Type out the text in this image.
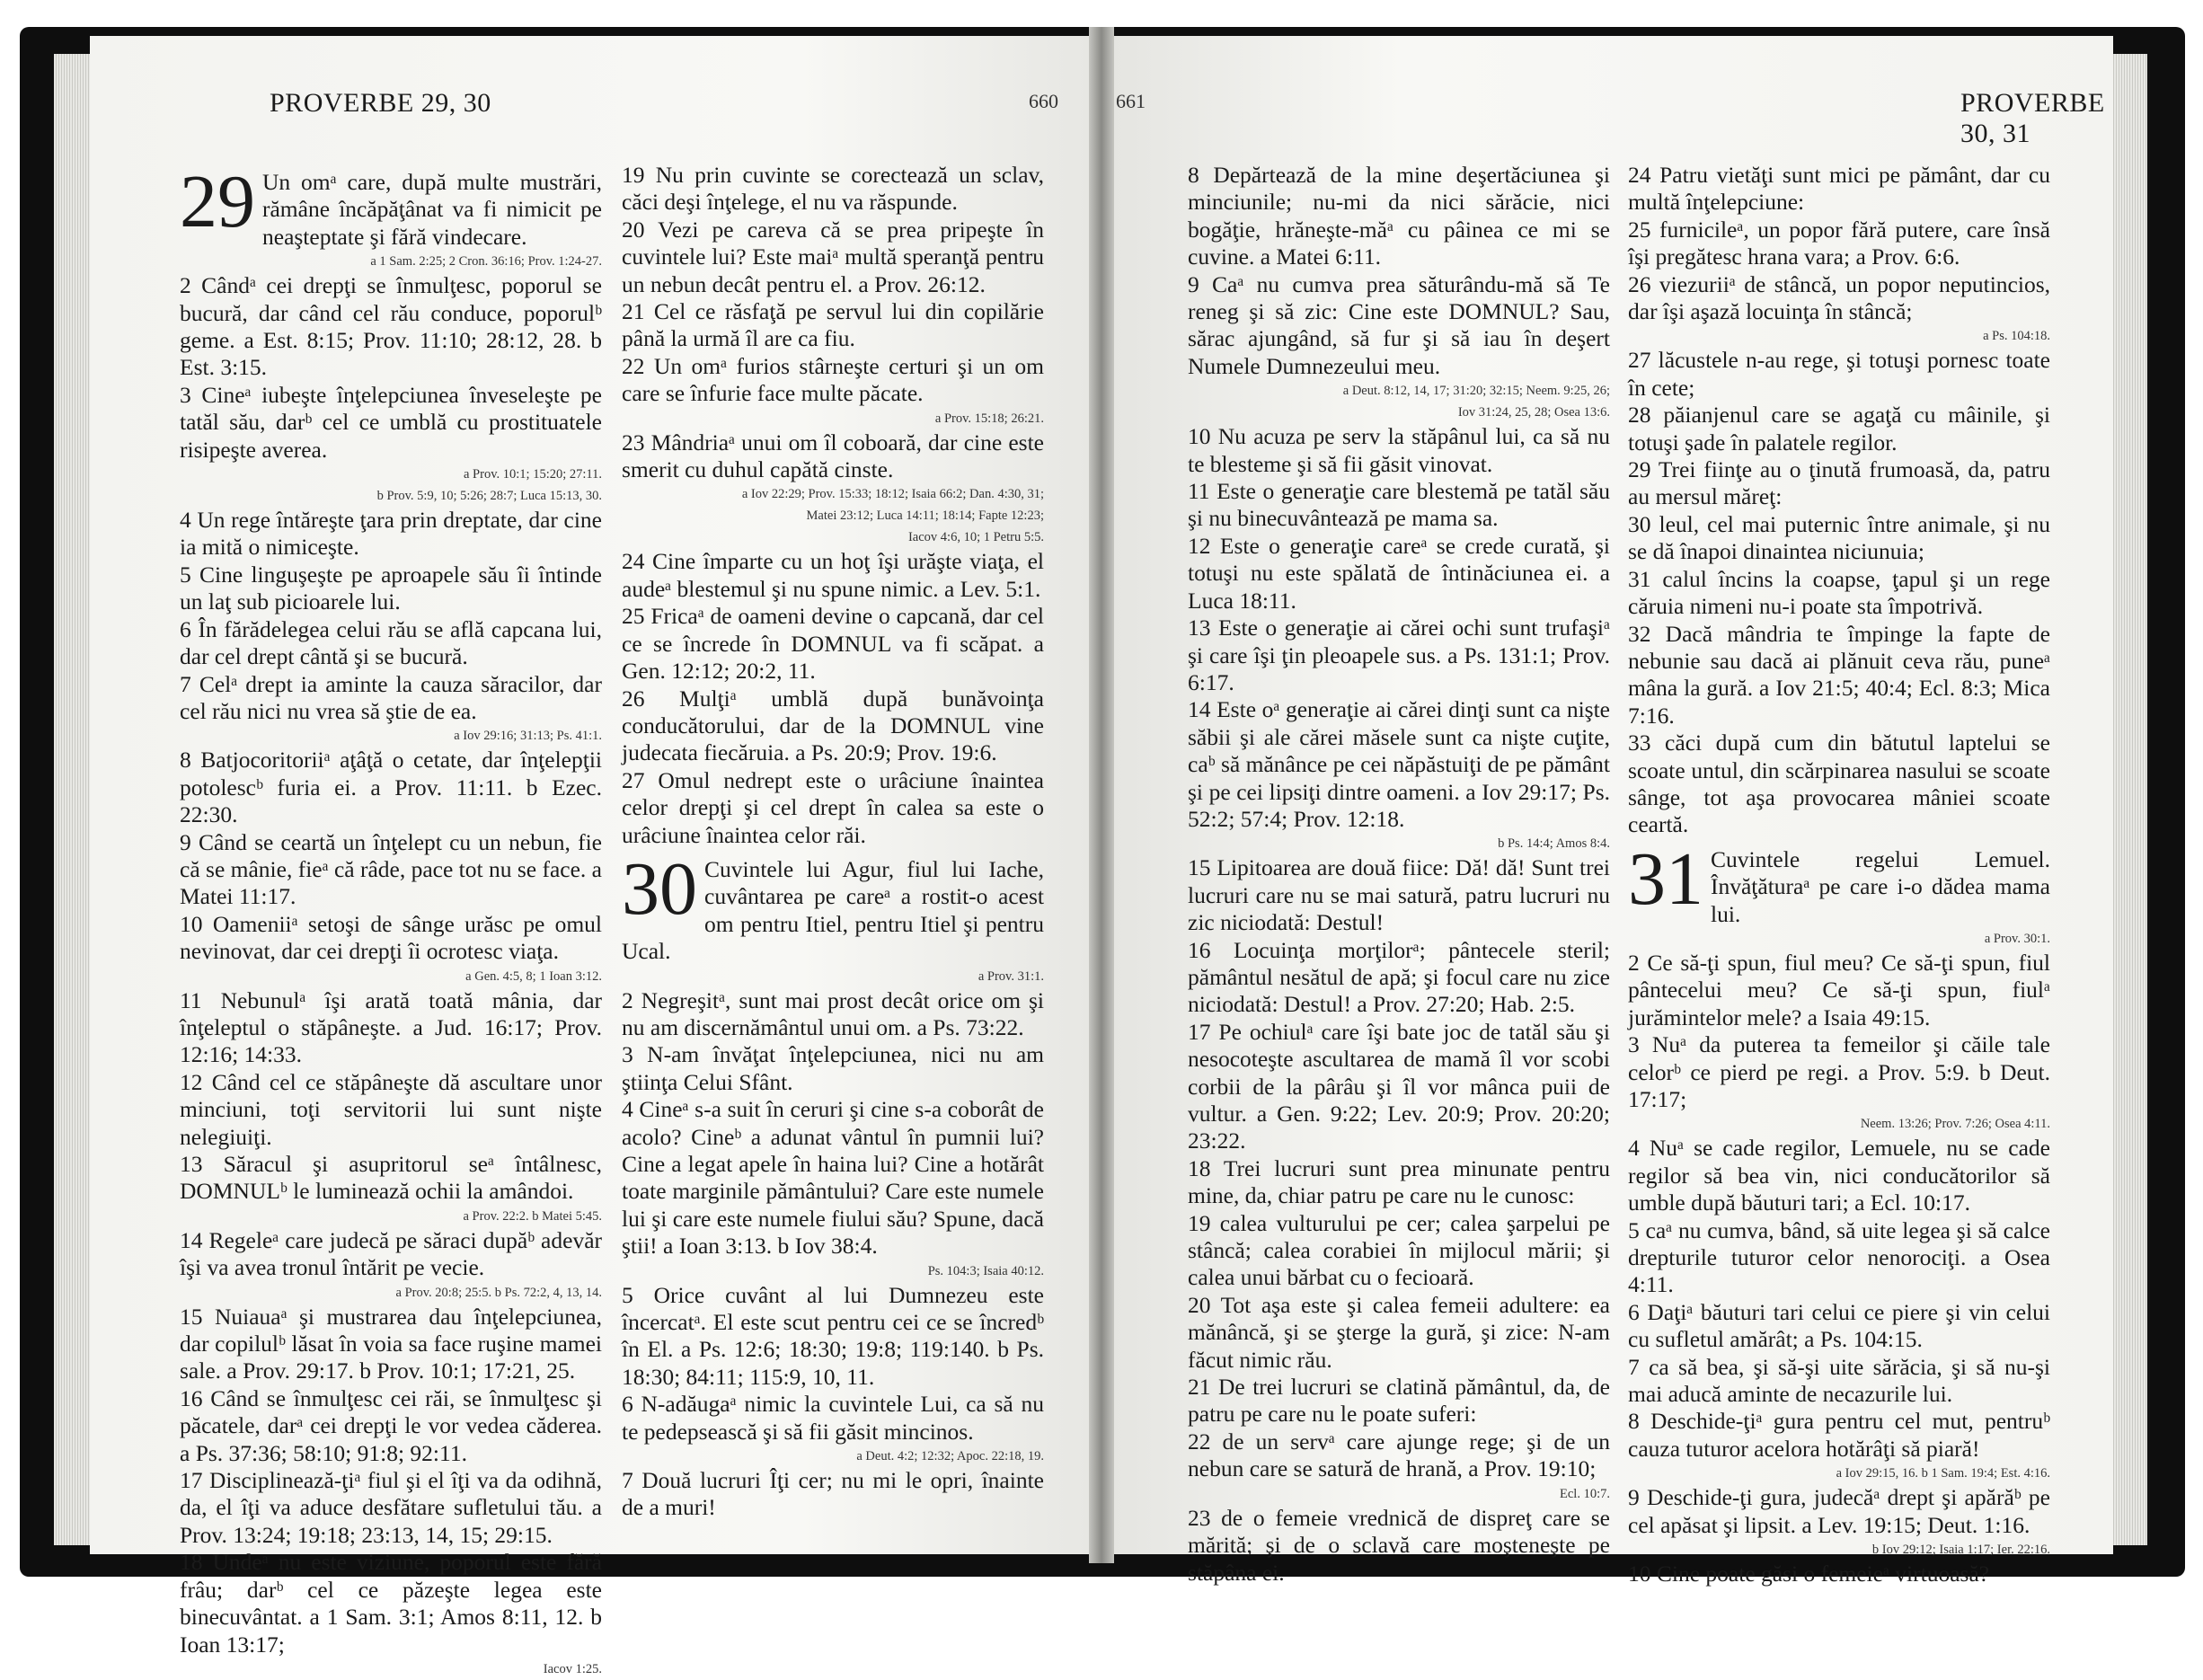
PROVERBE 29, 30	660

29 Un omᵃ care, după multe mustrări, rămâne încăpăţânat va fi nimicit pe neaşteptate şi fără vindecare.

a 1 Sam. 2:25; 2 Cron. 36:16; Prov. 1:24-27.
2 Cândᵃ cei drepţi se înmulţesc, poporul se bucură, dar când cel rău conduce, poporulᵇ geme. a Est. 8:15; Prov. 11:10; 28:12, 28. b Est. 3:15.
3 Cineᵃ iubeşte înţelepciunea înveseleşte pe tatăl său, darᵇ cel ce umblă cu prostituatele risipeşte averea.
a Prov. 10:1; 15:20; 27:11.
b Prov. 5:9, 10; 5:26; 28:7; Luca 15:13, 30.
4 Un rege întăreşte ţara prin dreptate, dar cine ia mită o nimiceşte.
5 Cine linguşeşte pe aproapele său îi întinde un laţ sub picioarele lui.
6 În fărădelegea celui rău se află capcana lui, dar cel drept cântă şi se bucură.
7 Celᵃ drept ia aminte la cauza săracilor, dar cel rău nici nu vrea să ştie de ea.
a Iov 29:16; 31:13; Ps. 41:1.
8 Batjocoritoriiᵃ aţâţă o cetate, dar înţelepţii potolescᵇ furia ei. a Prov. 11:11. b Ezec. 22:30.
9 Când se ceartă un înţelept cu un nebun, fie că se mânie, fieᵃ că râde, pace tot nu se face. a Matei 11:17.
10 Oameniiᵃ setoşi de sânge urăsc pe omul nevinovat, dar cei drepţi îi ocrotesc viaţa.
a Gen. 4:5, 8; 1 Ioan 3:12.
11 Nebunulᵃ îşi arată toată mânia, dar înţeleptul o stăpâneşte. a Jud. 16:17; Prov. 12:16; 14:33.
12 Când cel ce stăpâneşte dă ascultare unor minciuni, toţi servitorii lui sunt nişte nelegiuiţi.
13 Săracul şi asupritorul seᵃ întâlnesc, DOMNULᵇ le luminează ochii la amândoi.
a Prov. 22:2. b Matei 5:45.
14 Regeleᵃ care judecă pe săraci dupăᵇ adevăr îşi va avea tronul întărit pe vecie.
a Prov. 20:8; 25:5. b Ps. 72:2, 4, 13, 14.
15 Nuiauaᵃ şi mustrarea dau înţelepciunea, dar copilulᵇ lăsat în voia sa face ruşine mamei sale. a Prov. 29:17. b Prov. 10:1; 17:21, 25.
16 Când se înmulţesc cei răi, se înmulţesc şi păcatele, darᵃ cei drepţi le vor vedea căderea. a Ps. 37:36; 58:10; 91:8; 92:11.
17 Disciplinează-ţiᵃ fiul şi el îţi va da odihnă, da, el îţi va aduce desfătare sufletului tău. a Prov. 13:24; 19:18; 23:13, 14, 15; 29:15.
18 Undeᵃ nu este viziune, poporul este fără frâu; darᵇ cel ce păzeşte legea este binecuvântat. a 1 Sam. 3:1; Amos 8:11, 12. b Ioan 13:17;
Iacov 1:25.
19 Nu prin cuvinte se corectează un sclav, căci deşi înţelege, el nu va răspunde.
20 Vezi pe careva că se prea pripeşte în cuvintele lui? Este maiᵃ multă speranţă pentru un nebun decât pentru el. a Prov. 26:12.
21 Cel ce răsfaţă pe servul lui din copilărie până la urmă îl are ca fiu.
22 Un omᵃ furios stârneşte certuri şi un om care se înfurie face multe păcate.
a Prov. 15:18; 26:21.
23 Mândriaᵃ unui om îl coboară, dar cine este smerit cu duhul capătă cinste.
a Iov 22:29; Prov. 15:33; 18:12; Isaia 66:2; Dan. 4:30, 31;
Matei 23:12; Luca 14:11; 18:14; Fapte 12:23;
Iacov 4:6, 10; 1 Petru 5:5.
24 Cine împarte cu un hoţ îşi urăşte viaţa, el audeᵃ blestemul şi nu spune nimic. a Lev. 5:1.
25 Fricaᵃ de oameni devine o capcană, dar cel ce se încrede în DOMNUL va fi scăpat. a Gen. 12:12; 20:2, 11.
26 Mulţiᵃ umblă după bunăvoinţa conducătorului, dar de la DOMNUL vine judecata fiecăruia. a Ps. 20:9; Prov. 19:6.
27 Omul nedrept este o urâciune înaintea celor drepţi şi cel drept în calea sa este o urâciune înaintea celor răi.

30 Cuvintele lui Agur, fiul lui Iache, cuvântarea pe careᵃ a rostit-o acest om pentru Itiel, pentru Itiel şi pentru Ucal.

a Prov. 31:1.
2 Negreşitᵃ, sunt mai prost decât orice om şi nu am discernământul unui om. a Ps. 73:22.
3 N-am învăţat înţelepciunea, nici nu am ştiinţa Celui Sfânt.
4 Cineᵃ s-a suit în ceruri şi cine s-a coborât de acolo? Cineᵇ a adunat vântul în pumnii lui? Cine a legat apele în haina lui? Cine a hotărât toate marginile pământului? Care este numele lui şi care este numele fiului său? Spune, dacă ştii! a Ioan 3:13. b Iov 38:4.
Ps. 104:3; Isaia 40:12.
5 Orice cuvânt al lui Dumnezeu este încercatᵃ. El este scut pentru cei ce se încredᵇ în El. a Ps. 12:6; 18:30; 19:8; 119:140. b Ps. 18:30; 84:11; 115:9, 10, 11.
6 N-adăugaᵃ nimic la cuvintele Lui, ca să nu te pedepsească şi să fii găsit mincinos.
a Deut. 4:2; 12:32; Apoc. 22:18, 19.
7 Două lucruri Îţi cer; nu mi le opri, înainte de a muri!
661	PROVERBE 30, 31
8 Depărtează de la mine deşertăciunea şi minciunile; nu-mi da nici sărăcie, nici bogăţie, hrăneşte-măᵃ cu pâinea ce mi se cuvine. a Matei 6:11.
9 Caᵃ nu cumva prea săturându-mă să Te reneg şi să zic: Cine este DOMNUL? Sau, sărac ajungând, să fur şi să iau în deşert Numele Dumnezeului meu.
a Deut. 8:12, 14, 17; 31:20; 32:15; Neem. 9:25, 26;
Iov 31:24, 25, 28; Osea 13:6.
10 Nu acuza pe serv la stăpânul lui, ca să nu te blesteme şi să fii găsit vinovat.
11 Este o generaţie care blestemă pe tatăl său şi nu binecuvântează pe mama sa.
12 Este o generaţie careᵃ se crede curată, şi totuşi nu este spălată de întinăciunea ei. a Luca 18:11.
13 Este o generaţie ai cărei ochi sunt trufaşiᵃ şi care îşi ţin pleoapele sus. a Ps. 131:1; Prov. 6:17.
14 Este oᵃ generaţie ai cărei dinţi sunt ca nişte săbii şi ale cărei măsele sunt ca nişte cuţite, caᵇ să mănânce pe cei năpăstuiţi de pe pământ şi pe cei lipsiţi dintre oameni. a Iov 29:17; Ps. 52:2; 57:4; Prov. 12:18.
b Ps. 14:4; Amos 8:4.
15 Lipitoarea are două fiice: Dă! dă! Sunt trei lucruri care nu se mai satură, patru lucruri nu zic niciodată: Destul!
16 Locuinţa morţilorᵃ; pântecele steril; pământul nesătul de apă; şi focul care nu zice niciodată: Destul! a Prov. 27:20; Hab. 2:5.
17 Pe ochiulᵃ care îşi bate joc de tatăl său şi nesocoteşte ascultarea de mamă îl vor scobi corbii de la pârâu şi îl vor mânca puii de vultur. a Gen. 9:22; Lev. 20:9; Prov. 20:20; 23:22.
18 Trei lucruri sunt prea minunate pentru mine, da, chiar patru pe care nu le cunosc:
19 calea vulturului pe cer; calea şarpelui pe stâncă; calea corabiei în mijlocul mării; şi calea unui bărbat cu o fecioară.
20 Tot aşa este şi calea femeii adultere: ea mănâncă, şi se şterge la gură, şi zice: N-am făcut nimic rău.
21 De trei lucruri se clatină pământul, da, de patru pe care nu le poate suferi:
22 de un servᵃ care ajunge rege; şi de un nebun care se satură de hrană, a Prov. 19:10;
Ecl. 10:7.
23 de o femeie vrednică de dispreţ care se mărită; şi de o sclavă care moşteneşte pe stăpâna ei.
24 Patru vietăţi sunt mici pe pământ, dar cu multă înţelepciune:
25 furnicileᵃ, un popor fără putere, care însă îşi pregătesc hrana vara; a Prov. 6:6.
26 viezuriiᵃ de stâncă, un popor neputincios, dar îşi aşază locuinţa în stâncă;
a Ps. 104:18.
27 lăcustele n-au rege, şi totuşi pornesc toate în cete;
28 păianjenul care se agaţă cu mâinile, şi totuşi şade în palatele regilor.
29 Trei fiinţe au o ţinută frumoasă, da, patru au mersul măreţ:
30 leul, cel mai puternic între animale, şi nu se dă înapoi dinaintea niciunuia;
31 calul încins la coapse, ţapul şi un rege căruia nimeni nu-i poate sta împotrivă.
32 Dacă mândria te împinge la fapte de nebunie sau dacă ai plănuit ceva rău, puneᵃ mâna la gură. a Iov 21:5; 40:4; Ecl. 8:3; Mica 7:16.
33 căci după cum din bătutul laptelui se scoate untul, din scărpinarea nasului se scoate sânge, tot aşa provocarea mâniei scoate ceartă.

31 Cuvintele regelui Lemuel. Învăţăturaᵃ pe care i-o dădea mama lui.

a Prov. 30:1.
2 Ce să-ţi spun, fiul meu? Ce să-ţi spun, fiul pântecelui meu? Ce să-ţi spun, fiulᵃ jurămintelor mele? a Isaia 49:15.
3 Nuᵃ da puterea ta femeilor şi căile tale celorᵇ ce pierd pe regi. a Prov. 5:9. b Deut. 17:17;
Neem. 13:26; Prov. 7:26; Osea 4:11.
4 Nuᵃ se cade regilor, Lemuele, nu se cade regilor să bea vin, nici conducătorilor să umble după băuturi tari; a Ecl. 10:17.
5 caᵃ nu cumva, bând, să uite legea şi să calce drepturile tuturor celor nenorociţi. a Osea 4:11.
6 Daţiᵃ băuturi tari celui ce piere şi vin celui cu sufletul amărât; a Ps. 104:15.
7 ca să bea, şi să-şi uite sărăcia, şi să nu-şi mai aducă aminte de necazurile lui.
8 Deschide-ţiᵃ gura pentru cel mut, pentruᵇ cauza tuturor acelora hotărâţi să piară!
a Iov 29:15, 16. b 1 Sam. 19:4; Est. 4:16.
9 Deschide-ţi gura, judecăᵃ drept şi apărăᵇ pe cel apăsat şi lipsit. a Lev. 19:15; Deut. 1:16.
b Iov 29:12; Isaia 1:17; Ier. 22:16.
10 Cine poate găsi o femeieᵃ virtuoasă?
